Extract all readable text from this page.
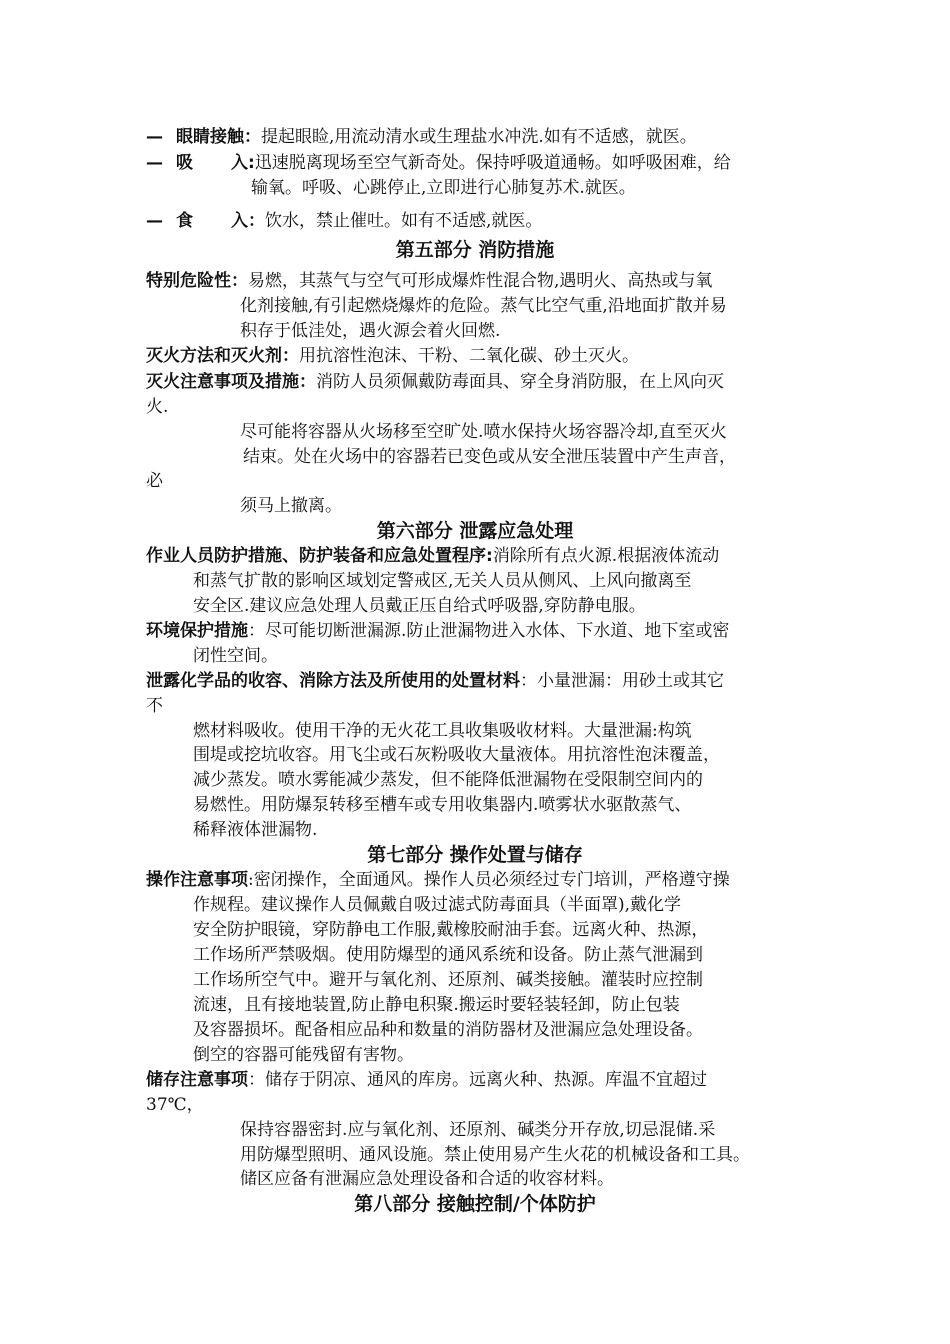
— 眼睛接触：提起眼睑,用流动清水或生理盐水冲洗.如有不适感，就医。
— 吸 入:迅速脱离现场至空气新奇处。保持呼吸道通畅。如呼吸困难，给
输氧。呼吸、心跳停止,立即进行心肺复苏术.就医。
— 食 入：饮水，禁止催吐。如有不适感,就医。
第五部分 消防措施
特别危险性：易燃，其蒸气与空气可形成爆炸性混合物,遇明火、高热或与氧
化剂接触,有引起燃烧爆炸的危险。蒸气比空气重,沿地面扩散并易
积存于低洼处，遇火源会着火回燃.
灭火方法和灭火剂：用抗溶性泡沫、干粉、二氧化碳、砂土灭火。
灭火注意事项及措施：消防人员须佩戴防毒面具、穿全身消防服，在上风向灭
火.
尽可能将容器从火场移至空旷处.喷水保持火场容器冷却,直至灭火
结束。处在火场中的容器若已变色或从安全泄压装置中产生声音，
必
须马上撤离。
第六部分 泄露应急处理
作业人员防护措施、防护装备和应急处置程序:消除所有点火源.根据液体流动
和蒸气扩散的影响区域划定警戒区,无关人员从侧风、上风向撤离至
安全区.建议应急处理人员戴正压自给式呼吸器,穿防静电服。
环境保护措施：尽可能切断泄漏源.防止泄漏物进入水体、下水道、地下室或密
闭性空间。
泄露化学品的收容、消除方法及所使用的处置材料：小量泄漏：用砂土或其它
不
燃材料吸收。使用干净的无火花工具收集吸收材料。大量泄漏:构筑
围堤或挖坑收容。用飞尘或石灰粉吸收大量液体。用抗溶性泡沫覆盖，
减少蒸发。喷水雾能减少蒸发，但不能降低泄漏物在受限制空间内的
易燃性。用防爆泵转移至槽车或专用收集器内.喷雾状水驱散蒸气、
稀释液体泄漏物.
第七部分 操作处置与储存
操作注意事项:密闭操作，全面通风。操作人员必须经过专门培训，严格遵守操
作规程。建议操作人员佩戴自吸过滤式防毒面具（半面罩),戴化学
安全防护眼镜，穿防静电工作服,戴橡胶耐油手套。远离火种、热源，
工作场所严禁吸烟。使用防爆型的通风系统和设备。防止蒸气泄漏到
工作场所空气中。避开与氧化剂、还原剂、碱类接触。灌装时应控制
流速，且有接地装置,防止静电积聚.搬运时要轻装轻卸，防止包装
及容器损坏。配备相应品种和数量的消防器材及泄漏应急处理设备。
倒空的容器可能残留有害物。
储存注意事项：储存于阴凉、通风的库房。远离火种、热源。库温不宜超过
37℃，
保持容器密封.应与氧化剂、还原剂、碱类分开存放,切忌混储.采
用防爆型照明、通风设施。禁止使用易产生火花的机械设备和工具。
储区应备有泄漏应急处理设备和合适的收容材料。
第八部分 接触控制/个体防护
